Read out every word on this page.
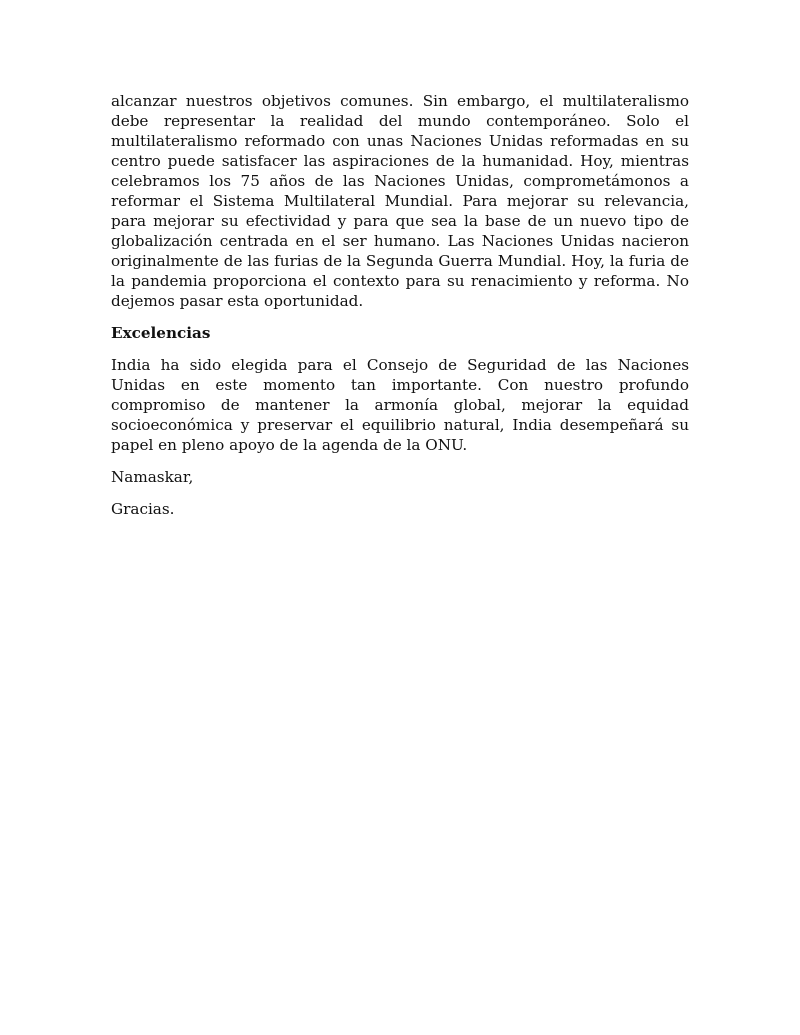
alcanzar nuestros objetivos comunes. Sin embargo, el multilateralismo debe representar la realidad del mundo contemporáneo. Solo el multilateralismo reformado con unas Naciones Unidas reformadas en su centro puede satisfacer las aspiraciones de la humanidad. Hoy, mientras celebramos los 75 años de las Naciones Unidas, comprometámonos a reformar el Sistema Multilateral Mundial. Para mejorar su relevancia, para mejorar su efectividad y para que sea la base de un nuevo tipo de globalización centrada en el ser humano. Las Naciones Unidas nacieron originalmente de las furias de la Segunda Guerra Mundial. Hoy, la furia de la pandemia proporciona el contexto para su renacimiento y reforma. No dejemos pasar esta oportunidad.

Excelencias

India ha sido elegida para el Consejo de Seguridad de las Naciones Unidas en este momento tan importante. Con nuestro profundo compromiso de mantener la armonía global, mejorar la equidad socioeconómica y preservar el equilibrio natural, India desempeñará su papel en pleno apoyo de la agenda de la ONU.

Namaskar,

Gracias.
